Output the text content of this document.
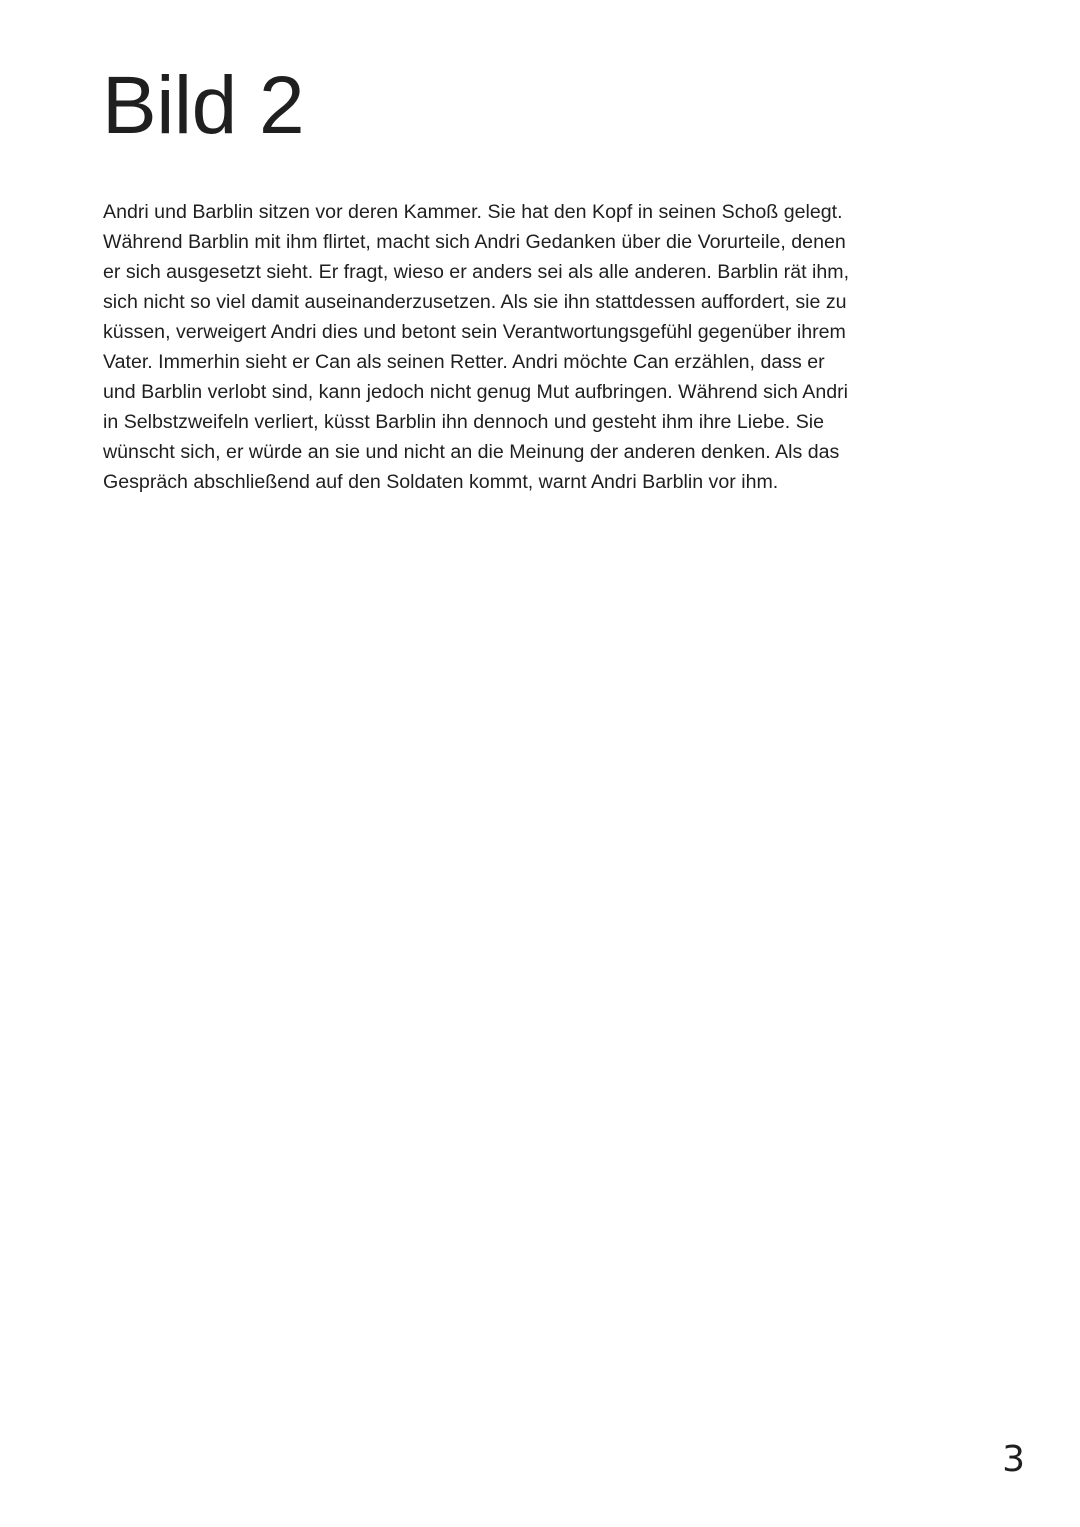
Bild 2

Andri und Barblin sitzen vor deren Kammer. Sie hat den Kopf in seinen Schoß gelegt.
Während Barblin mit ihm flirtet, macht sich Andri Gedanken über die Vorurteile, denen
er sich ausgesetzt sieht. Er fragt, wieso er anders sei als alle anderen. Barblin rät ihm,
sich nicht so viel damit auseinanderzusetzen. Als sie ihn stattdessen auffordert, sie zu
küssen, verweigert Andri dies und betont sein Verantwortungsgefühl gegenüber ihrem
Vater. Immerhin sieht er Can als seinen Retter. Andri möchte Can erzählen, dass er
und Barblin verlobt sind, kann jedoch nicht genug Mut aufbringen. Während sich Andri
in Selbstzweifeln verliert, küsst Barblin ihn dennoch und gesteht ihm ihre Liebe. Sie
wünscht sich, er würde an sie und nicht an die Meinung der anderen denken. Als das
Gespräch abschließend auf den Soldaten kommt, warnt Andri Barblin vor ihm.

3
